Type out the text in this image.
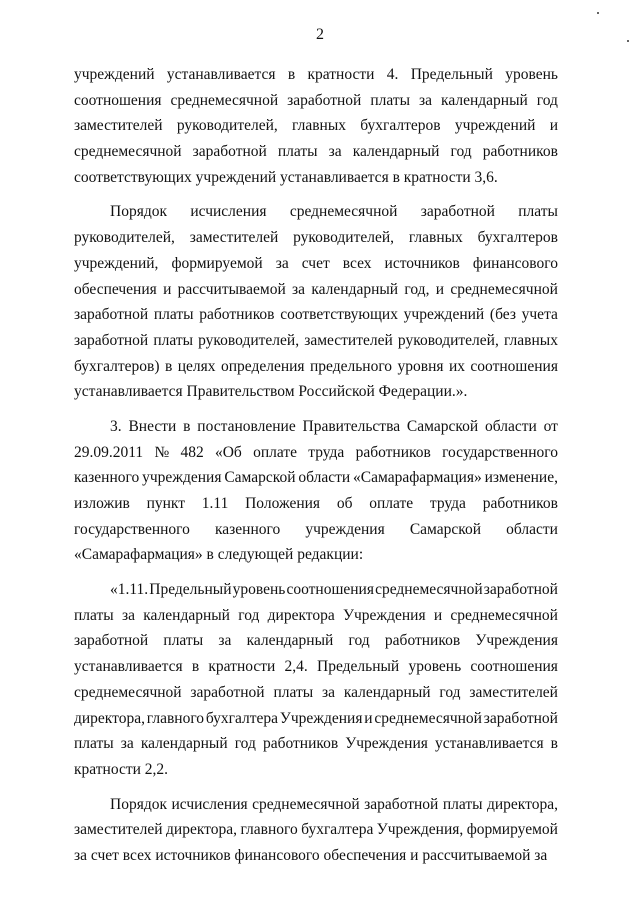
2
учреждений устанавливается в кратности 4. Предельный уровень
соотношения среднемесячной заработной платы за календарный год
заместителей руководителей, главных бухгалтеров учреждений и
среднемесячной заработной платы за календарный год работников
соответствующих учреждений устанавливается в кратности 3,6.
Порядок исчисления среднемесячной заработной платы
руководителей, заместителей руководителей, главных бухгалтеров
учреждений, формируемой за счет всех источников финансового
обеспечения и рассчитываемой за календарный год, и среднемесячной
заработной платы работников соответствующих учреждений (без учета
заработной платы руководителей, заместителей руководителей, главных
бухгалтеров) в целях определения предельного уровня их соотношения
устанавливается Правительством Российской Федерации.».
3. Внести в постановление Правительства Самарской области от
29.09.2011 № 482 «Об оплате труда работников государственного
казенного учреждения Самарской области «Самарафармация» изменение,
изложив пункт 1.11 Положения об оплате труда работников
государственного казенного учреждения Самарской области
«Самарафармация» в следующей редакции:
«1.11. Предельный уровень соотношения среднемесячной заработной
платы за календарный год директора Учреждения и среднемесячной
заработной платы за календарный год работников Учреждения
устанавливается в кратности 2,4. Предельный уровень соотношения
среднемесячной заработной платы за календарный год заместителей
директора, главного бухгалтера Учреждения и среднемесячной заработной
платы за календарный год работников Учреждения устанавливается в
кратности 2,2.
Порядок исчисления среднемесячной заработной платы директора,
заместителей директора, главного бухгалтера Учреждения, формируемой
за счет всех источников финансового обеспечения и рассчитываемой за
